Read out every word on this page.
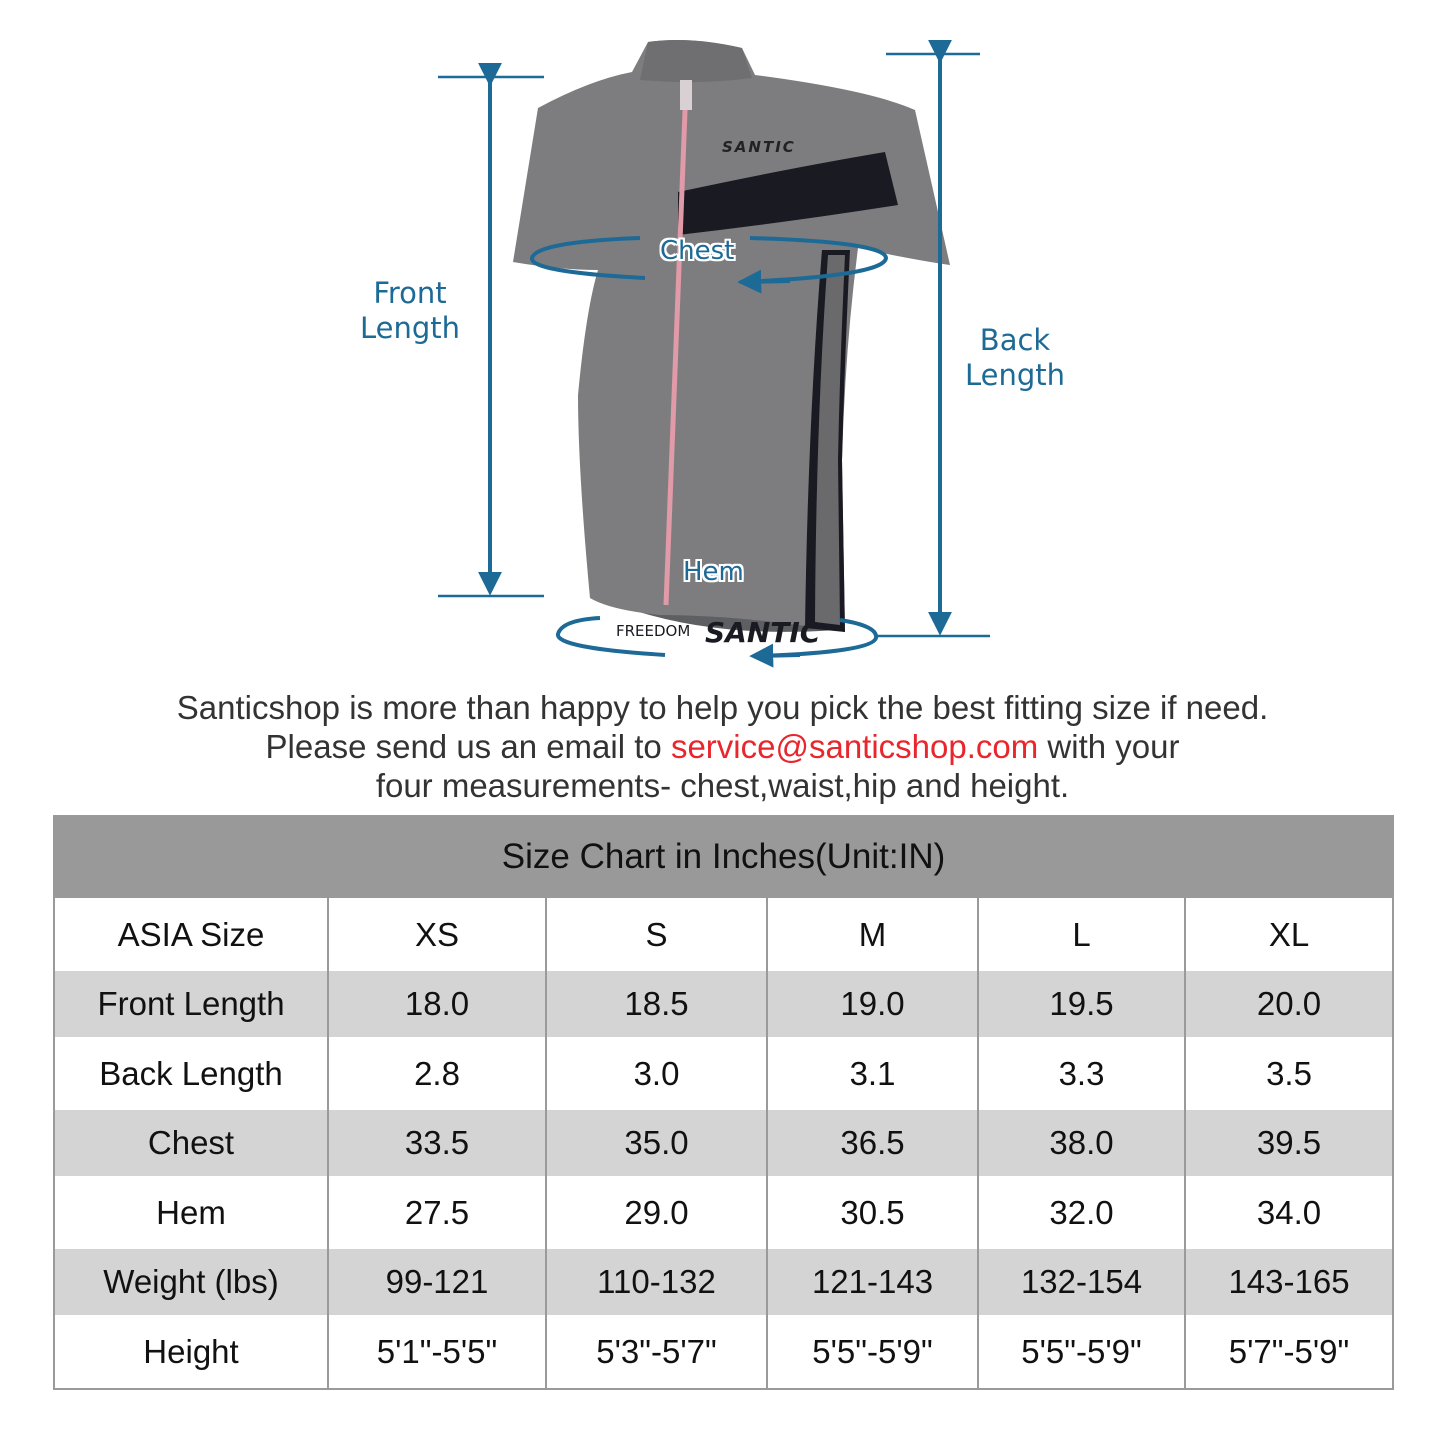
SANTIC
FREEDOM SANTIC
Front
Length	Back
Length
Chest
Hem
Santicshop is more than happy to help you pick the best fitting size if need.
Please send us an email to service@santicshop.com with your
four measurements- chest,waist,hip and height.
Size Chart in Inches(Unit:IN)					
ASIA Size	XS	S	M	L	XL
Front Length	18.0	18.5	19.0	19.5	20.0
Back Length	2.8	3.0	3.1	3.3	3.5
Chest	33.5	35.0	36.5	38.0	39.5
Hem	27.5	29.0	30.5	32.0	34.0
Weight (lbs)	99-121	110-132	121-143	132-154	143-165
Height	5'1"-5'5"	5'3"-5'7"	5'5"-5'9"	5'5"-5'9"	5'7"-5'9"
